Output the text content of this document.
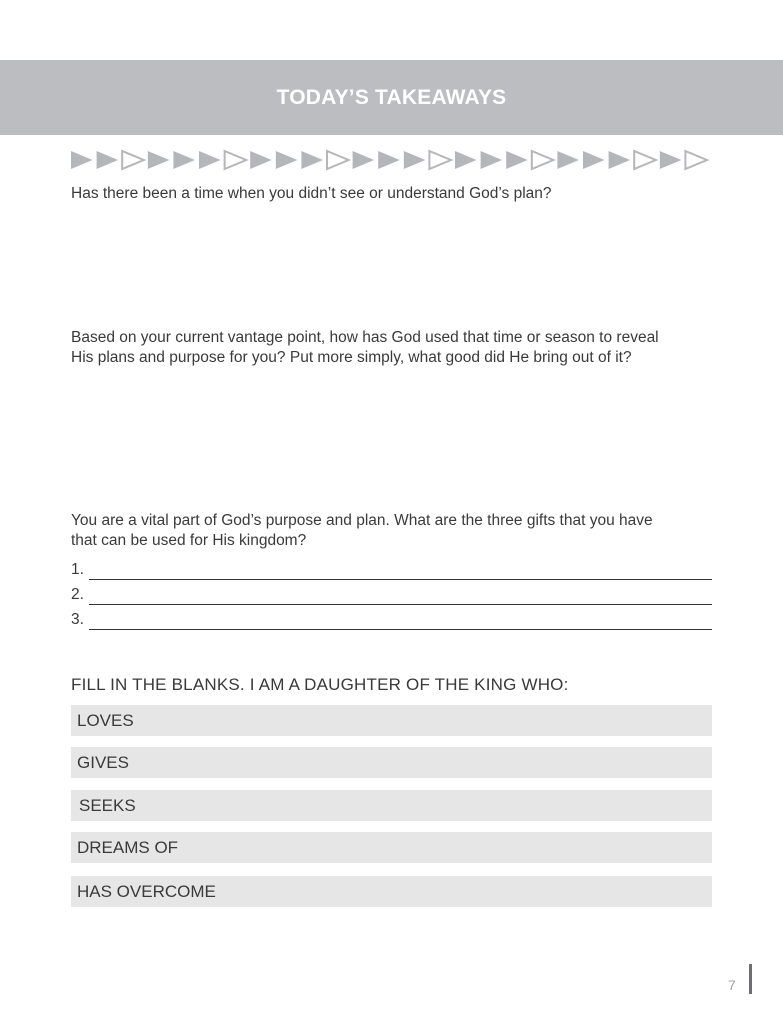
TODAY’S TAKEAWAYS

Has there been a time when you didn’t see or understand God’s plan?

Based on your current vantage point, how has God used that time or season to reveal
His plans and purpose for you? Put more simply, what good did He bring out of it?

You are a vital part of God’s purpose and plan. What are the three gifts that you have
that can be used for His kingdom?

1.
2.
3.

FILL IN THE BLANKS. I AM A DAUGHTER OF THE KING WHO:

LOVES
GIVES
SEEKS
DREAMS OF
HAS OVERCOME
7
